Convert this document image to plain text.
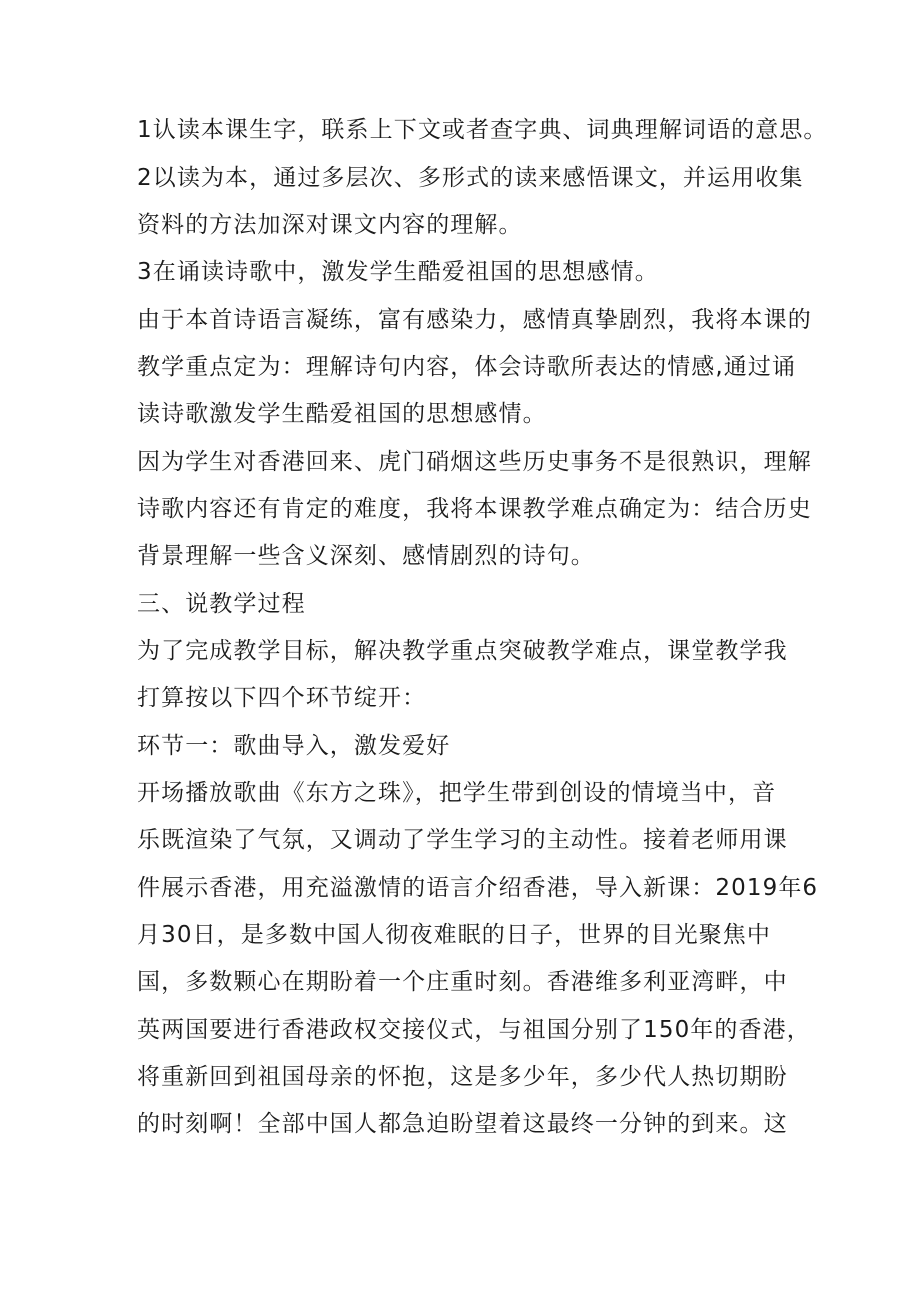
1认读本课生字，联系上下文或者查字典、词典理解词语的意思。
2以读为本，通过多层次、多形式的读来感悟课文，并运用收集
资料的方法加深对课文内容的理解。
3在诵读诗歌中，激发学生酷爱祖国的思想感情。
由于本首诗语言凝练，富有感染力，感情真挚剧烈，我将本课的
教学重点定为：理解诗句内容，体会诗歌所表达的情感,通过诵
读诗歌激发学生酷爱祖国的思想感情。
因为学生对香港回来、虎门硝烟这些历史事务不是很熟识，理解
诗歌内容还有肯定的难度，我将本课教学难点确定为：结合历史
背景理解一些含义深刻、感情剧烈的诗句。
三、说教学过程
为了完成教学目标，解决教学重点突破教学难点，课堂教学我
打算按以下四个环节绽开：
环节一：歌曲导入，激发爱好
开场播放歌曲《东方之珠》，把学生带到创设的情境当中，音
乐既渲染了气氛，又调动了学生学习的主动性。接着老师用课
件展示香港，用充溢激情的语言介绍香港，导入新课：2019年6
月30日，是多数中国人彻夜难眠的日子，世界的目光聚焦中
国，多数颗心在期盼着一个庄重时刻。香港维多利亚湾畔，中
英两国要进行香港政权交接仪式，与祖国分别了150年的香港，
将重新回到祖国母亲的怀抱，这是多少年，多少代人热切期盼
的时刻啊！全部中国人都急迫盼望着这最终一分钟的到来。这
